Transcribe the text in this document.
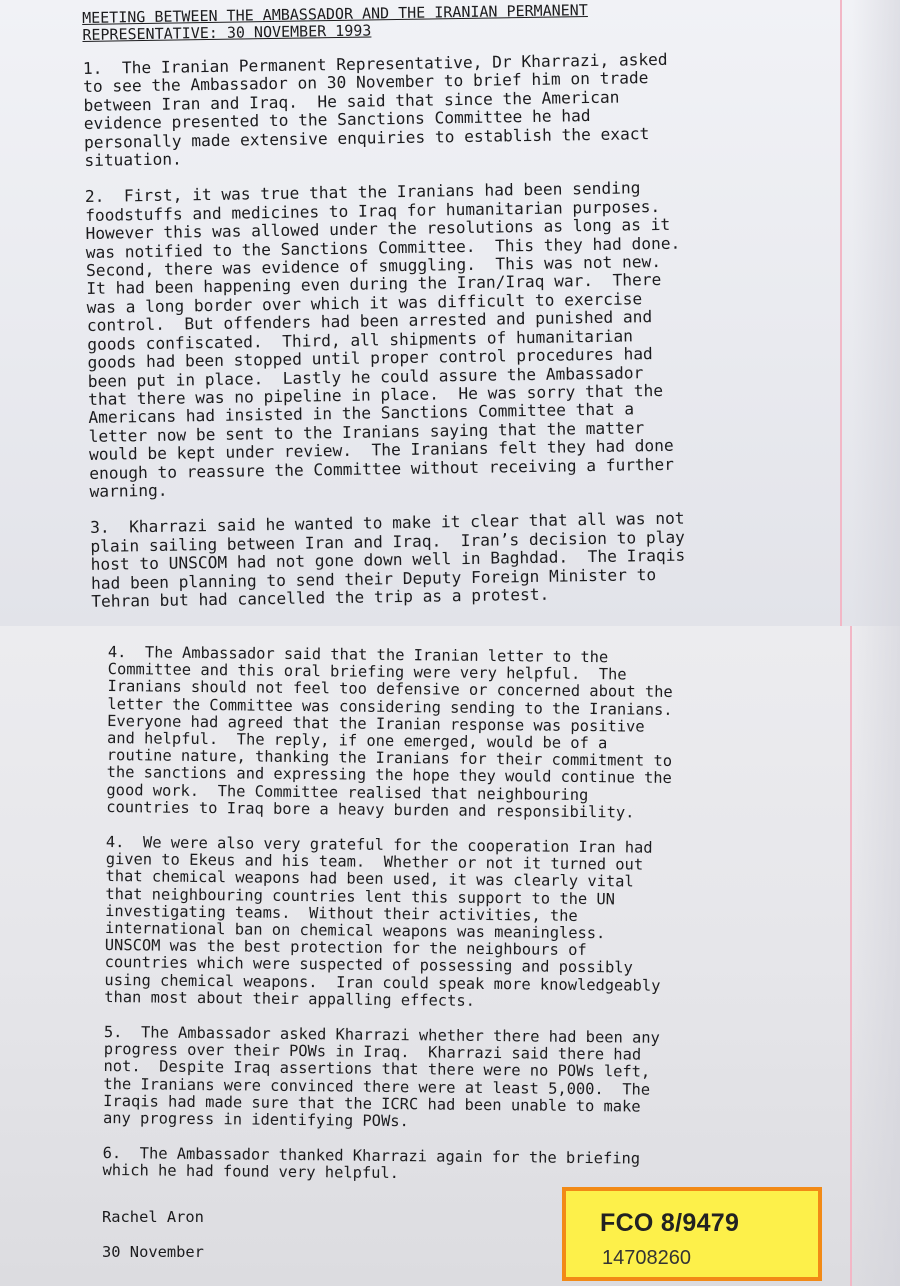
MEETING BETWEEN THE AMBASSADOR AND THE IRANIAN PERMANENT
REPRESENTATIVE: 30 NOVEMBER 1993

1.  The Iranian Permanent Representative, Dr Kharrazi, asked
to see the Ambassador on 30 November to brief him on trade
between Iran and Iraq.  He said that since the American
evidence presented to the Sanctions Committee he had
personally made extensive enquiries to establish the exact
situation.

2.  First, it was true that the Iranians had been sending
foodstuffs and medicines to Iraq for humanitarian purposes.
However this was allowed under the resolutions as long as it
was notified to the Sanctions Committee.  This they had done.
Second, there was evidence of smuggling.  This was not new.
It had been happening even during the Iran/Iraq war.  There
was a long border over which it was difficult to exercise
control.  But offenders had been arrested and punished and
goods confiscated.  Third, all shipments of humanitarian
goods had been stopped until proper control procedures had
been put in place.  Lastly he could assure the Ambassador
that there was no pipeline in place.  He was sorry that the
Americans had insisted in the Sanctions Committee that a
letter now be sent to the Iranians saying that the matter
would be kept under review.  The Iranians felt they had done
enough to reassure the Committee without receiving a further
warning.

3.  Kharrazi said he wanted to make it clear that all was not
plain sailing between Iran and Iraq.  Iran’s decision to play
host to UNSCOM had not gone down well in Baghdad.  The Iraqis
had been planning to send their Deputy Foreign Minister to
Tehran but had cancelled the trip as a protest.

4.  The Ambassador said that the Iranian letter to the
Committee and this oral briefing were very helpful.  The
Iranians should not feel too defensive or concerned about the
letter the Committee was considering sending to the Iranians.
Everyone had agreed that the Iranian response was positive
and helpful.  The reply, if one emerged, would be of a
routine nature, thanking the Iranians for their commitment to
the sanctions and expressing the hope they would continue the
good work.  The Committee realised that neighbouring
countries to Iraq bore a heavy burden and responsibility.

4.  We were also very grateful for the cooperation Iran had
given to Ekeus and his team.  Whether or not it turned out
that chemical weapons had been used, it was clearly vital
that neighbouring countries lent this support to the UN
investigating teams.  Without their activities, the
international ban on chemical weapons was meaningless.
UNSCOM was the best protection for the neighbours of
countries which were suspected of possessing and possibly
using chemical weapons.  Iran could speak more knowledgeably
than most about their appalling effects.

5.  The Ambassador asked Kharrazi whether there had been any
progress over their POWs in Iraq.  Kharrazi said there had
not.  Despite Iraq assertions that there were no POWs left,
the Iranians were convinced there were at least 5,000.  The
Iraqis had made sure that the ICRC had been unable to make
any progress in identifying POWs.

6.  The Ambassador thanked Kharrazi again for the briefing
which he had found very helpful.

Rachel Aron
30 November
FCO 8/9479
14708260
